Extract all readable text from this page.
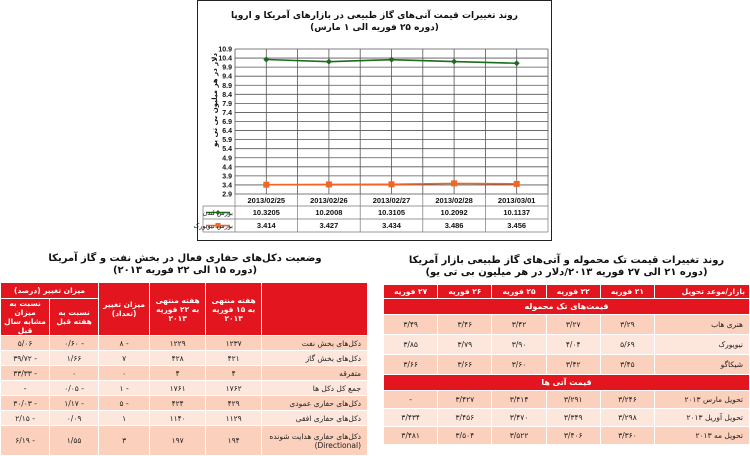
روند تغییرات قیمت آتی‌های گاز طبیعی در بازارهای آمریکا و اروپا
(دوره ۲۵ فوریه الی ۱ مارس)
دلار در هر میلیون بی تی یو
2.9
3.4
3.9
4.4
4.9
5.4
5.9
6.4
6.9
7.4
7.9
8.4
8.9
9.4
9.9
10.4
10.9
2013/02/25	2013/02/26	2013/02/27	2013/02/28	2013/03/01
بورس لندن	10.3205	10.2008	10.3105	10.2092	10.1137
بورس نیویورک	3.414	3.427	3.434	3.486	3.456
وضعیت دکل‌های حفاری فعال در بخش نفت و گاز آمریکا
(دوره ۱۵ الی ۲۲ فوریه ۲۰۱۳)
	هفته منتهی به ۱۵ فوریه ۲۰۱۳	هفته منتهی به ۲۲ فوریه ۲۰۱۳	میزان تغییر (تعداد)	میزان تغییر (درصد)	
				نسبت به هفته قبل	نسبت به میزان مشابه سال قبل
دکل‌های بخش نفت	۱۲۳۷	۱۲۲۹	- ۸	- ۰/۶۰	۵/۰۶
دکل‌های بخش گاز	۴۲۱	۴۲۸	۷	۱/۶۶	- ۳۹/۷۲
متفرقه	۴	۴	۰	۰	- ۳۳/۳۳
جمع کل دکل ها	۱۷۶۲	۱۷۶۱	- ۱	- ۰/۰۵	-
دکل‌های حفاری عمودی	۴۲۹	۴۲۴	- ۵	- ۱/۱۷	- ۳۰/۰۳
دکل‌های حفاری افقی	۱۱۲۹	۱۱۴۰	۱	۰/۰۹	- ۲/۱۵
دکل‌های حفاری هدایت شونده (Directional)	۱۹۴	۱۹۷	۳	۱/۵۵	- ۶/۱۹
روند تغییرات قیمت تک محموله و آتی‌های گاز طبیعی بازار آمریکا
(دوره ۲۱ الی ۲۷ فوریه ۲۰۱۳/دلار در هر میلیون بی تی یو)
بازار/موعد تحویل	۲۱ فوریه	۲۲ فوریه	۲۵ فوریه	۲۶ فوریه	۲۷ فوریه
قیمت‌های تک محموله					
هنری هاب	۳/۲۹	۳/۲۷	۳/۴۲	۳/۴۶	۳/۴۹
نیویورک	۵/۶۹	۴/۰۴	۳/۹۰	۳/۷۹	۳/۸۵
شیکاگو	۳/۴۵	۳/۴۲	۳/۶۰	۳/۶۶	۳/۶۶
قیمت آتی ها					
تحویل مارس ۲۰۱۳	۳/۲۴۶	۳/۲۹۱	۳/۴۱۴	۳/۴۲۷	-
تحویل آوریل ۲۰۱۳	۳/۲۹۸	۳/۳۴۹	۳/۴۷۰	۳/۴۵۶	۳/۴۳۴
تحویل مه ۲۰۱۳	۳/۳۶۰	۳/۴۰۶	۳/۵۲۲	۳/۵۰۴	۳/۴۸۱
